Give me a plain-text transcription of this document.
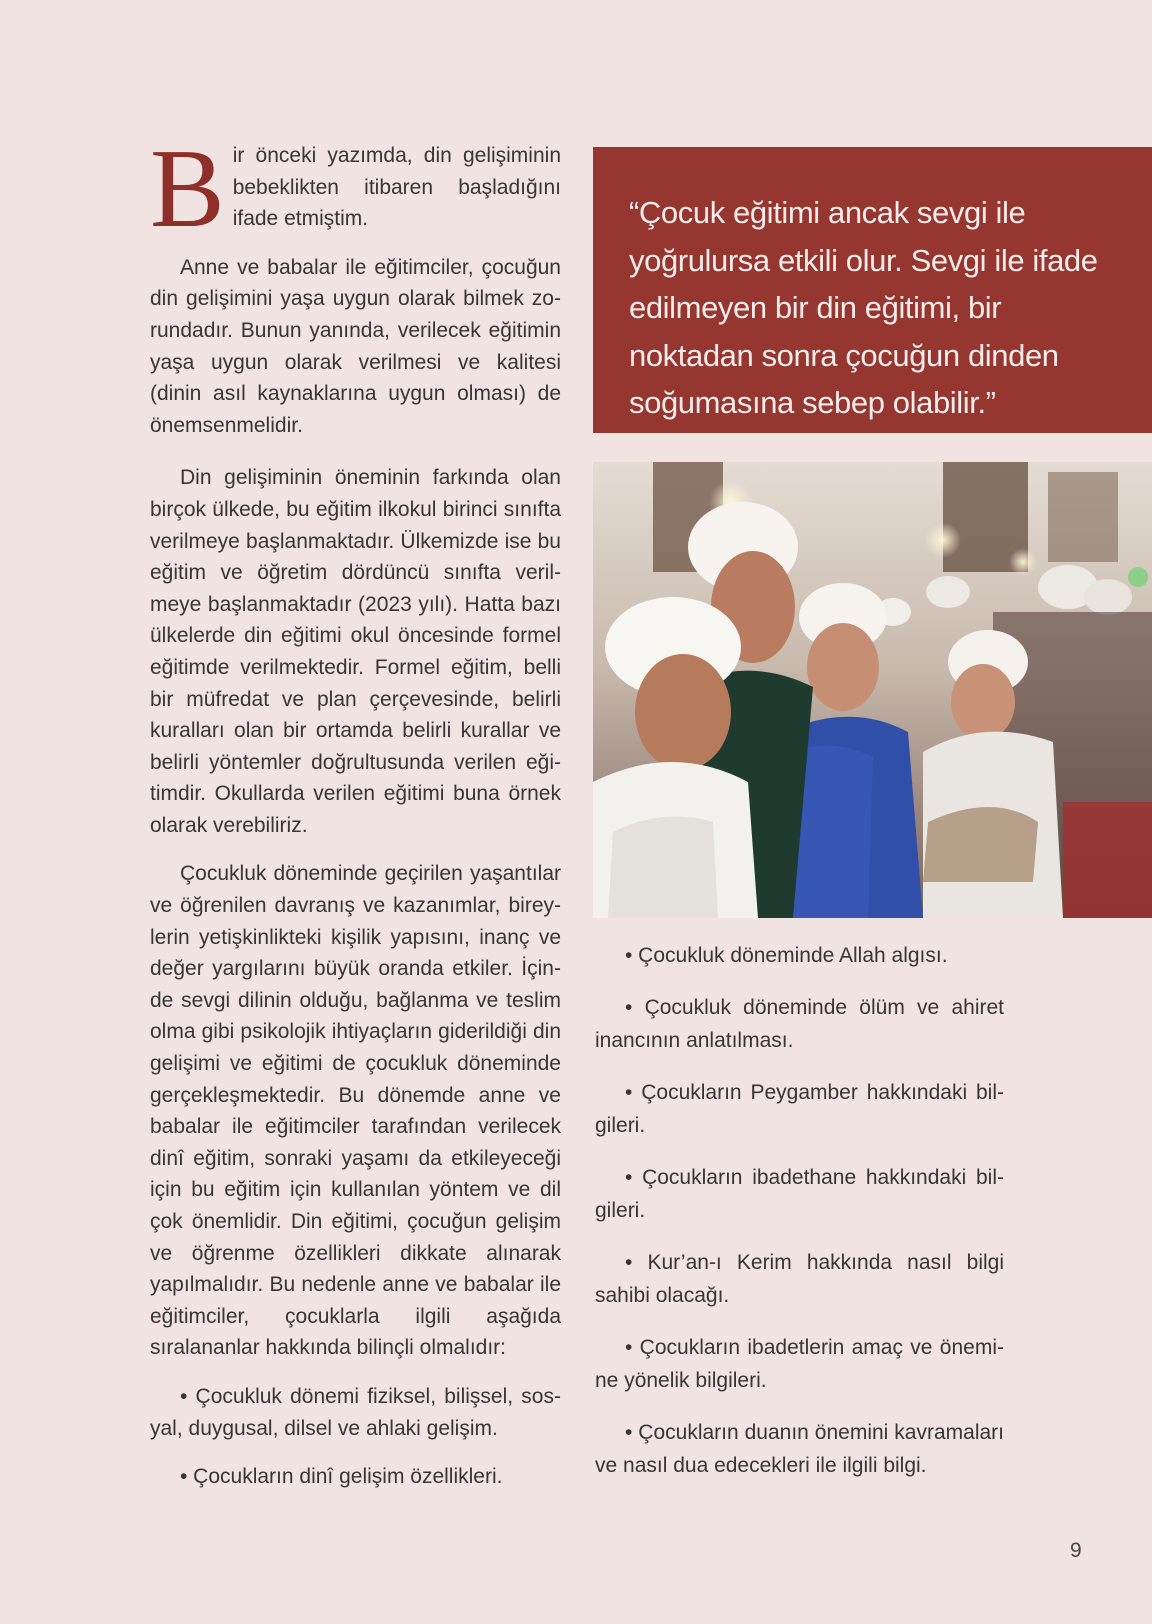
Bir önceki yazımda, din gelişiminin bebeklikten itibaren başladığını ifade etmiştim.

Anne ve babalar ile eğitimciler, çocuğun din gelişimini yaşa uygun olarak bilmek zorundadır. Bunun yanında, verilecek eğitimin yaşa uygun olarak verilmesi ve kalitesi (dinin asıl kaynaklarına uygun olması) de önemsenmelidir.

Din gelişiminin öneminin farkında olan birçok ülkede, bu eğitim ilkokul birinci sınıfta verilmeye başlanmaktadır. Ülkemizde ise bu eğitim ve öğretim dördüncü sınıfta verilmeye başlanmaktadır (2023 yılı). Hatta bazı ülkelerde din eğitimi okul öncesinde formel eğitimde verilmektedir. Formel eğitim, belli bir müfredat ve plan çerçevesinde, belirli kuralları olan bir ortamda belirli kurallar ve belirli yöntemler doğrultusunda verilen eğitimdir. Okullarda verilen eğitimi buna örnek olarak verebiliriz.

Çocukluk döneminde geçirilen yaşantılar ve öğrenilen davranış ve kazanımlar, bireylerin yetişkinlikteki kişilik yapısını, inanç ve değer yargılarını büyük oranda etkiler. İçinde sevgi dilinin olduğu, bağlanma ve teslim olma gibi psikolojik ihtiyaçların giderildiği din gelişimi ve eğitimi de çocukluk döneminde gerçekleşmektedir. Bu dönemde anne ve babalar ile eğitimciler tarafından verilecek dinî eğitim, sonraki yaşamı da etkileyeceği için bu eğitim için kullanılan yöntem ve dil çok önemlidir. Din eğitimi, çocuğun gelişim ve öğrenme özellikleri dikkate alınarak yapılmalıdır. Bu nedenle anne ve babalar ile eğitimciler, çocuklarla ilgili aşağıda sıralananlar hakkında bilinçli olmalıdır:

• Çocukluk dönemi fiziksel, bilişsel, sosyal, duygusal, dilsel ve ahlaki gelişim.

• Çocukların dinî gelişim özellikleri.

“Çocuk eğitimi ancak sevgi ile yoğrulursa etkili olur. Sevgi ile ifade edilmeyen bir din eğitimi, bir noktadan sonra çocuğun dinden soğumasına sebep olabilir.”

• Çocukluk döneminde Allah algısı.

• Çocukluk döneminde ölüm ve ahiret inancının anlatılması.

• Çocukların Peygamber hakkındaki bilgileri.

• Çocukların ibadethane hakkındaki bilgileri.

• Kur’an-ı Kerim hakkında nasıl bilgi sahibi olacağı.

• Çocukların ibadetlerin amaç ve önemine yönelik bilgileri.

• Çocukların duanın önemini kavramaları ve nasıl dua edecekleri ile ilgili bilgi.

9
